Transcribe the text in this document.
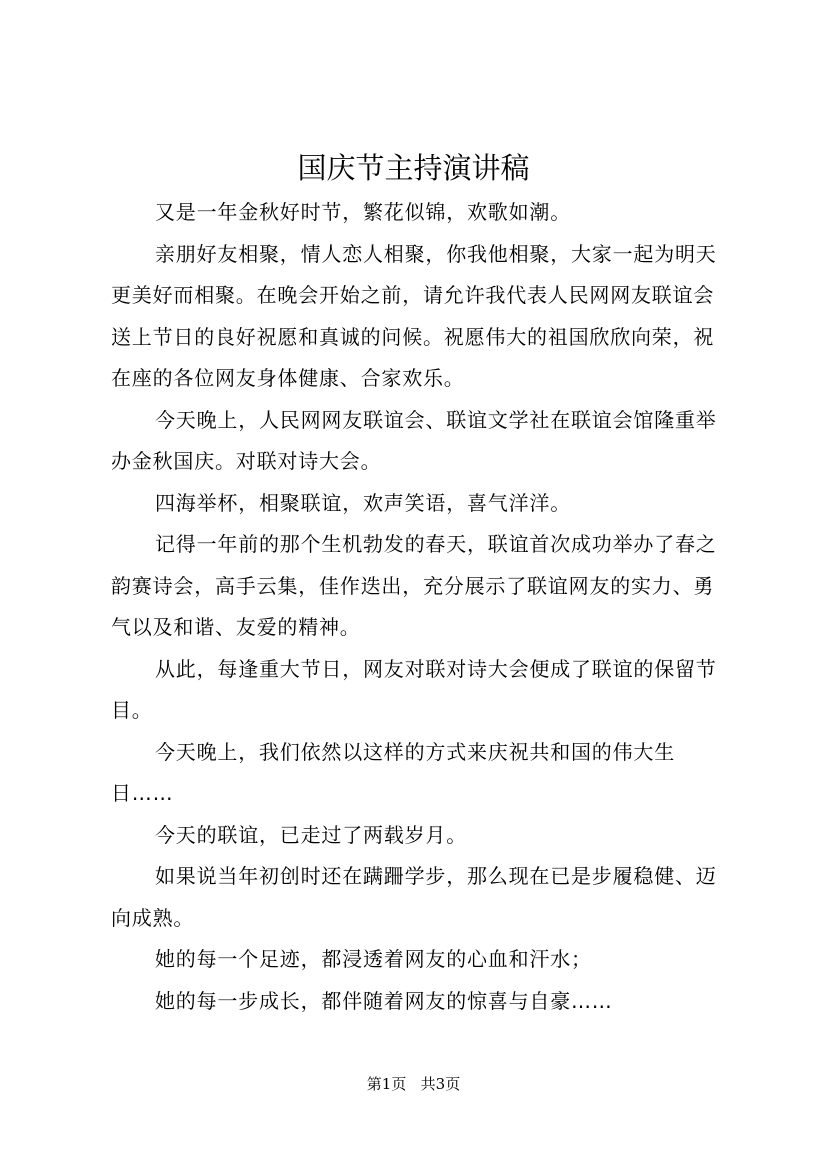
国庆节主持演讲稿

又是一年金秋好时节，繁花似锦，欢歌如潮。

亲朋好友相聚，情人恋人相聚，你我他相聚，大家一起为明天更美好而相聚。在晚会开始之前，请允许我代表人民网网友联谊会送上节日的良好祝愿和真诚的问候。祝愿伟大的祖国欣欣向荣，祝在座的各位网友身体健康、合家欢乐。

今天晚上，人民网网友联谊会、联谊文学社在联谊会馆隆重举办金秋国庆。对联对诗大会。

四海举杯，相聚联谊，欢声笑语，喜气洋洋。

记得一年前的那个生机勃发的春天，联谊首次成功举办了春之韵赛诗会，高手云集，佳作迭出，充分展示了联谊网友的实力、勇气以及和谐、友爱的精神。

从此，每逢重大节日，网友对联对诗大会便成了联谊的保留节目。

今天晚上，我们依然以这样的方式来庆祝共和国的伟大生日……

今天的联谊，已走过了两载岁月。

如果说当年初创时还在蹒跚学步，那么现在已是步履稳健、迈向成熟。

她的每一个足迹，都浸透着网友的心血和汗水；

她的每一步成长，都伴随着网友的惊喜与自豪……

第1页 共3页
